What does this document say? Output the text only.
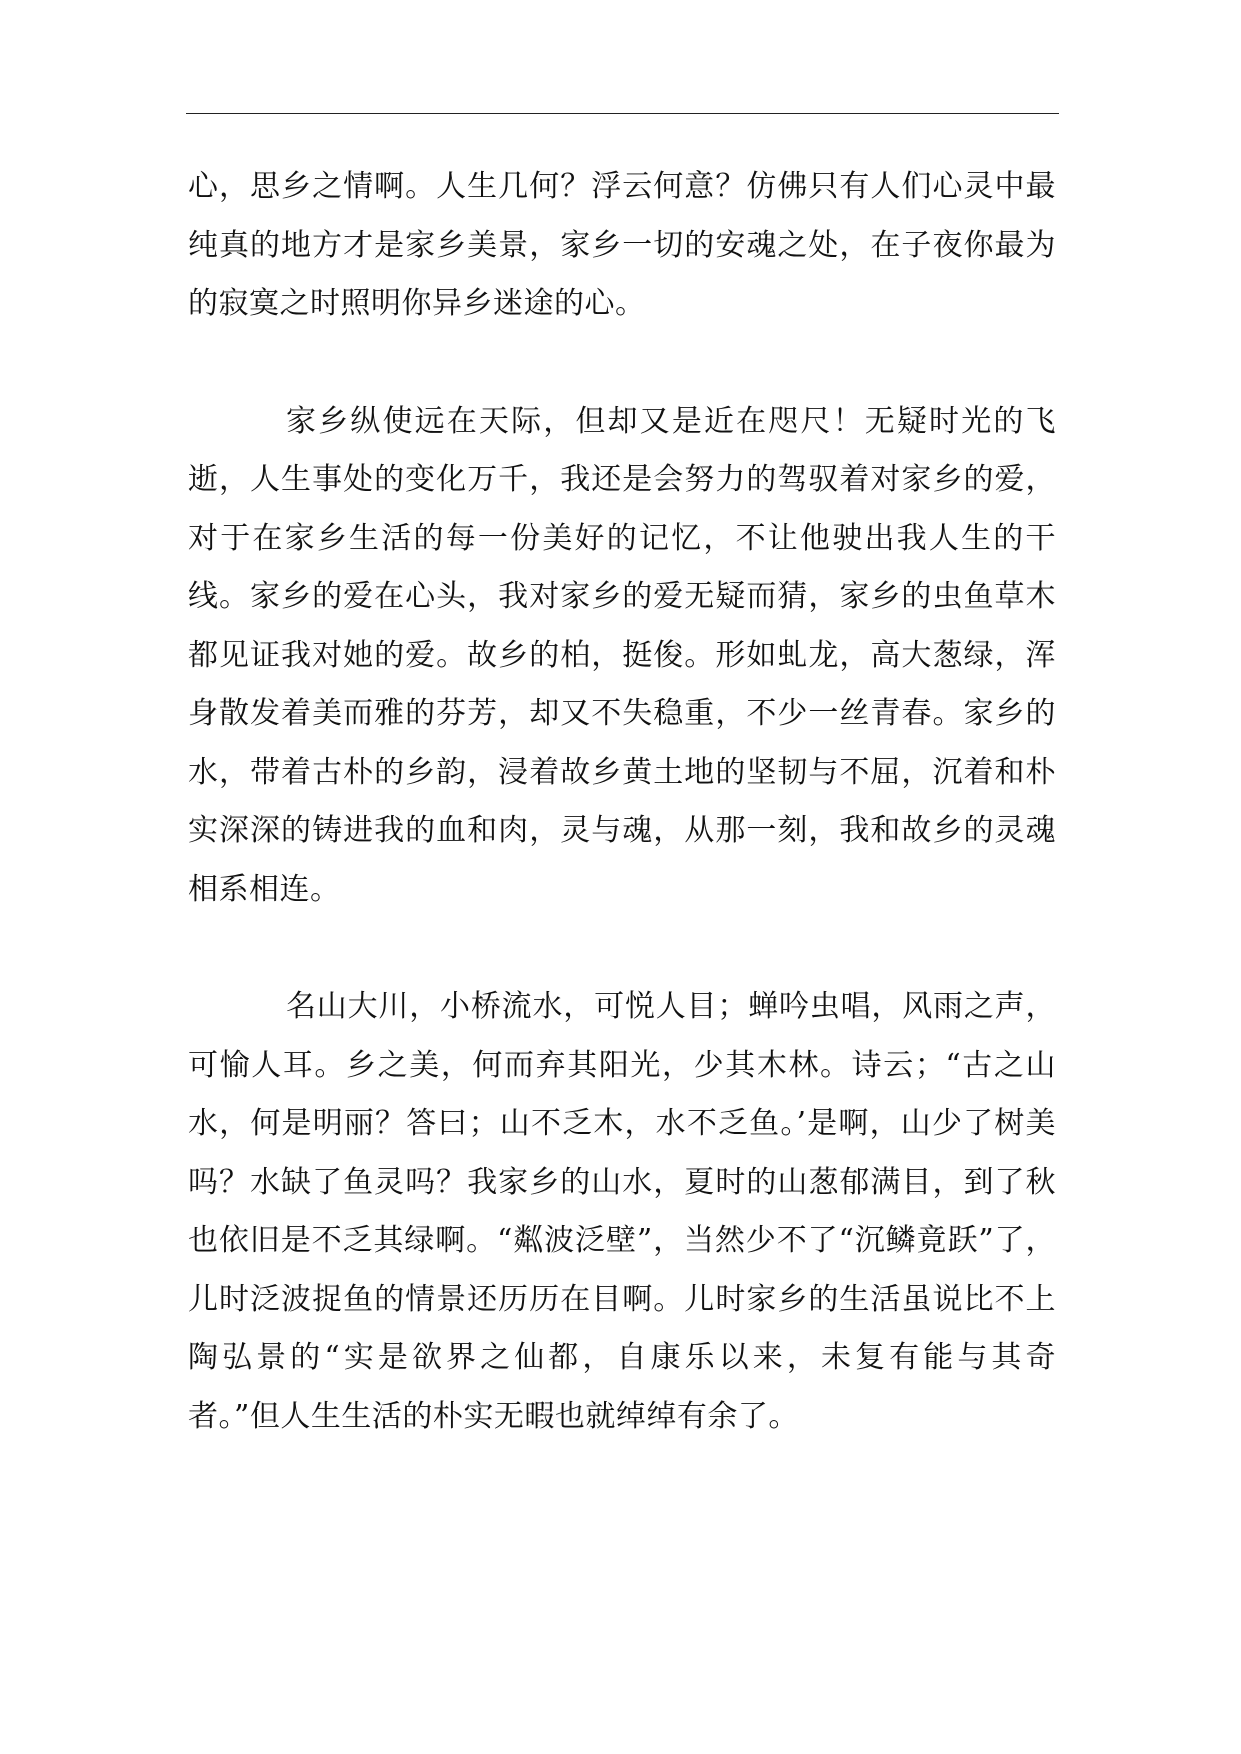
心，思乡之情啊。人生几何？浮云何意？仿佛只有人们心灵中最纯真的地方才是家乡美景，家乡一切的安魂之处，在子夜你最为的寂寞之时照明你异乡迷途的心。

家乡纵使远在天际，但却又是近在咫尺！无疑时光的飞逝，人生事处的变化万千，我还是会努力的驾驭着对家乡的爱，对于在家乡生活的每一份美好的记忆，不让他驶出我人生的干线。家乡的爱在心头，我对家乡的爱无疑而猜，家乡的虫鱼草木都见证我对她的爱。故乡的柏，挺俊。形如虬龙，高大葱绿，浑身散发着美而雅的芬芳，却又不失稳重，不少一丝青春。家乡的水，带着古朴的乡韵，浸着故乡黄土地的坚韧与不屈，沉着和朴实深深的铸进我的血和肉，灵与魂，从那一刻，我和故乡的灵魂相系相连。

名山大川，小桥流水，可悦人目；蝉吟虫唱，风雨之声，可愉人耳。乡之美，何而弃其阳光，少其木林。诗云；“古之山水，何是明丽？答曰；山不乏木，水不乏鱼。’是啊，山少了树美吗？水缺了鱼灵吗？我家乡的山水，夏时的山葱郁满目，到了秋也依旧是不乏其绿啊。“粼波泛壁”，当然少不了“沉鳞竟跃”了，儿时泛波捉鱼的情景还历历在目啊。儿时家乡的生活虽说比不上陶弘景的“实是欲界之仙都，自康乐以来，未复有能与其奇者。”但人生生活的朴实无暇也就绰绰有余了。
